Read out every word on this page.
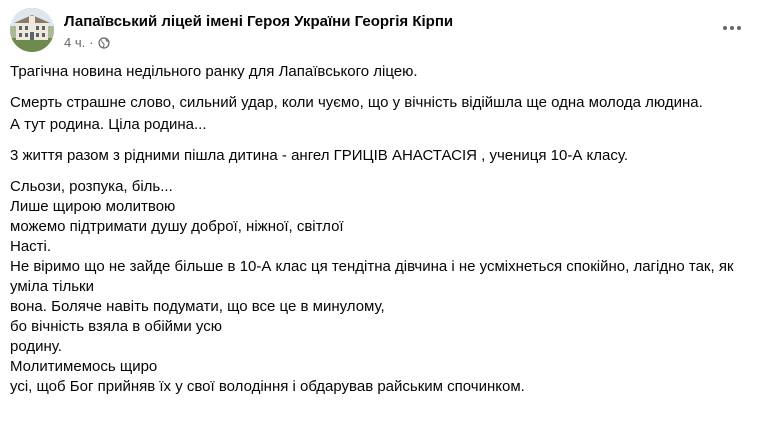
Лапаївський ліцей імені Героя України Георгія Кірпи
4 ч. ·

Трагічна новина недільного ранку для Лапаївського ліцею.

Смерть страшне слово, сильний удар, коли чуємо, що у вічність відійшла ще одна молода людина.

А тут родина. Ціла родина...

3 життя разом з рідними пішла дитина - ангел ГРИЦІВ АНАСТАСІЯ , учениця 10-А класу.

Сльози, розпука, біль...
Лише щирою молитвою
можемо підтримати душу доброї, ніжної, світлої
Насті.
Не віримо що не зайде більше в 10-А клас ця тендітна дівчина і не усміхнеться спокійно, лагідно так, як уміла тільки
вона. Боляче навіть подумати, що все це в минулому,
бо вічність взяла в обійми усю
родину.
Молитимемось щиро
усі, щоб Бог прийняв їх у свої володіння і обдарував райським спочинком.
